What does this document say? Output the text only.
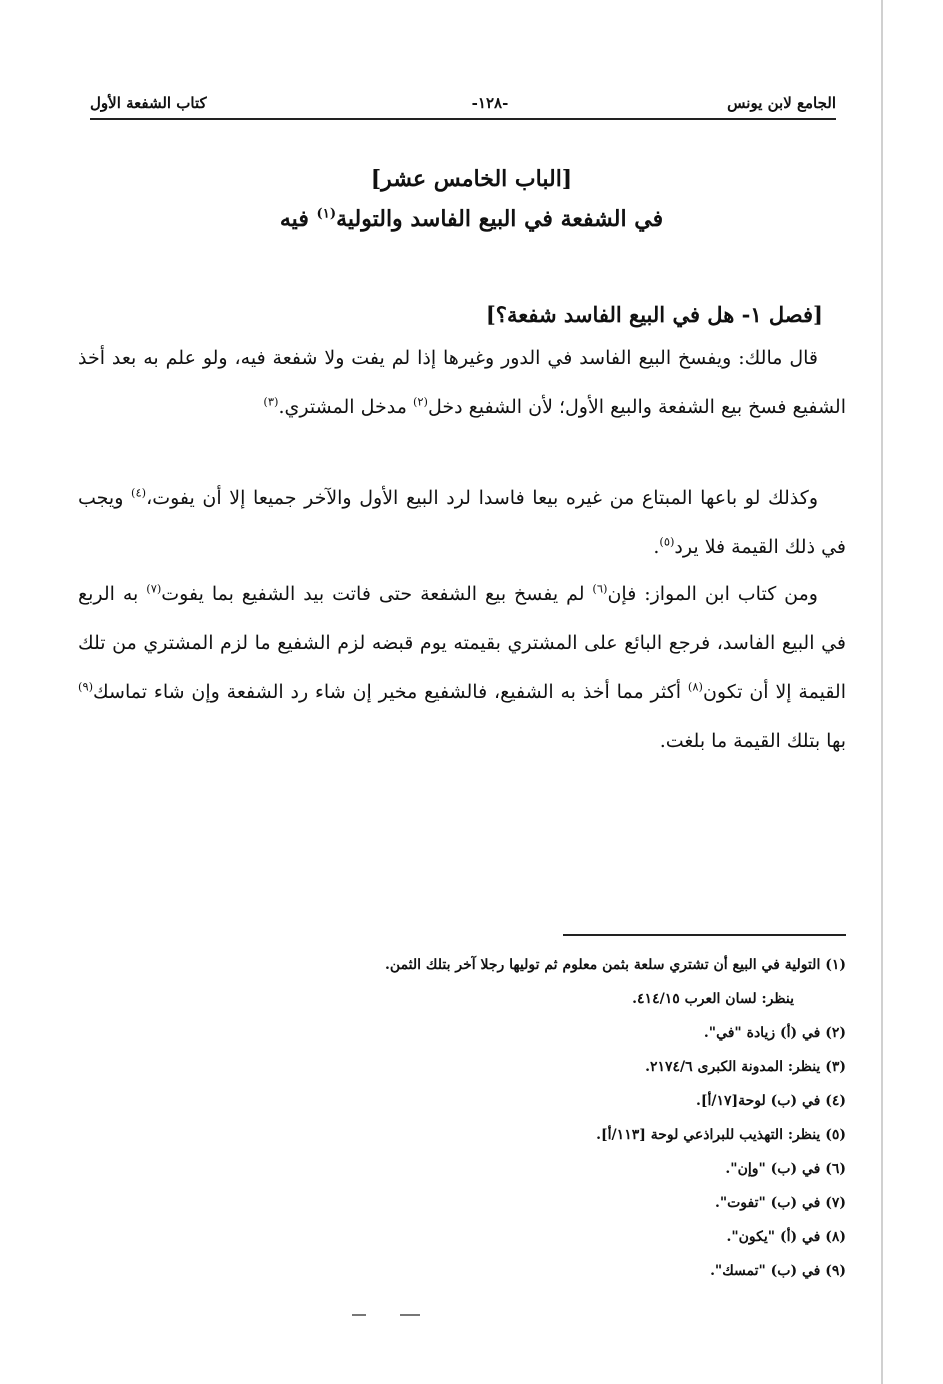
الجامع لابن يونس
-١٢٨-
كتاب الشفعة الأول
[الباب الخامس عشر]
في الشفعة في البيع الفاسد والتولية$^{(١)}$ فيه
[فصل ١- هل في البيع الفاسد شفعة؟]
قال مالك: ويفسخ البيع الفاسد في الدور وغيرها إذا لم يفت ولا شفعة فيه، ولو علم به بعد أخذ الشفيع فسخ بيع الشفعة والبيع الأول؛ لأن الشفيع دخل$^{(٢)}$ مدخل المشتري.$^{(٣)}$
وكذلك لو باعها المبتاع من غيره بيعا فاسدا لرد البيع الأول والآخر جميعا إلا أن يفوت،$^{(٤)}$ ويجب في ذلك القيمة فلا يرد$^{(٥)}$.
ومن كتاب ابن المواز: فإن$^{(٦)}$ لم يفسخ بيع الشفعة حتى فاتت بيد الشفيع بما يفوت$^{(٧)}$ به الربع في البيع الفاسد، فرجع البائع على المشتري بقيمته يوم قبضه لزم الشفيع ما لزم المشتري من تلك القيمة إلا أن تكون$^{(٨)}$ أكثر مما أخذ به الشفيع، فالشفيع مخير إن شاء رد الشفعة وإن شاء تماسك$^{(٩)}$ بها بتلك القيمة ما بلغت.
(١) التولية في البيع أن تشتري سلعة بثمن معلوم ثم توليها رجلا آخر بتلك الثمن.
ينظر: لسان العرب ٤١٤/١٥.
(٢) في (أ) زيادة "في".
(٣) ينظر: المدونة الكبرى ٢١٧٤/٦.
(٤) في (ب) لوحة[١٧/أ].
(٥) ينظر: التهذيب للبراذعي لوحة [١١٣/أ].
(٦) في (ب) "وإن".
(٧) في (ب) "تفوت".
(٨) في (أ) "يكون".
(٩) في (ب) "تمسك".
